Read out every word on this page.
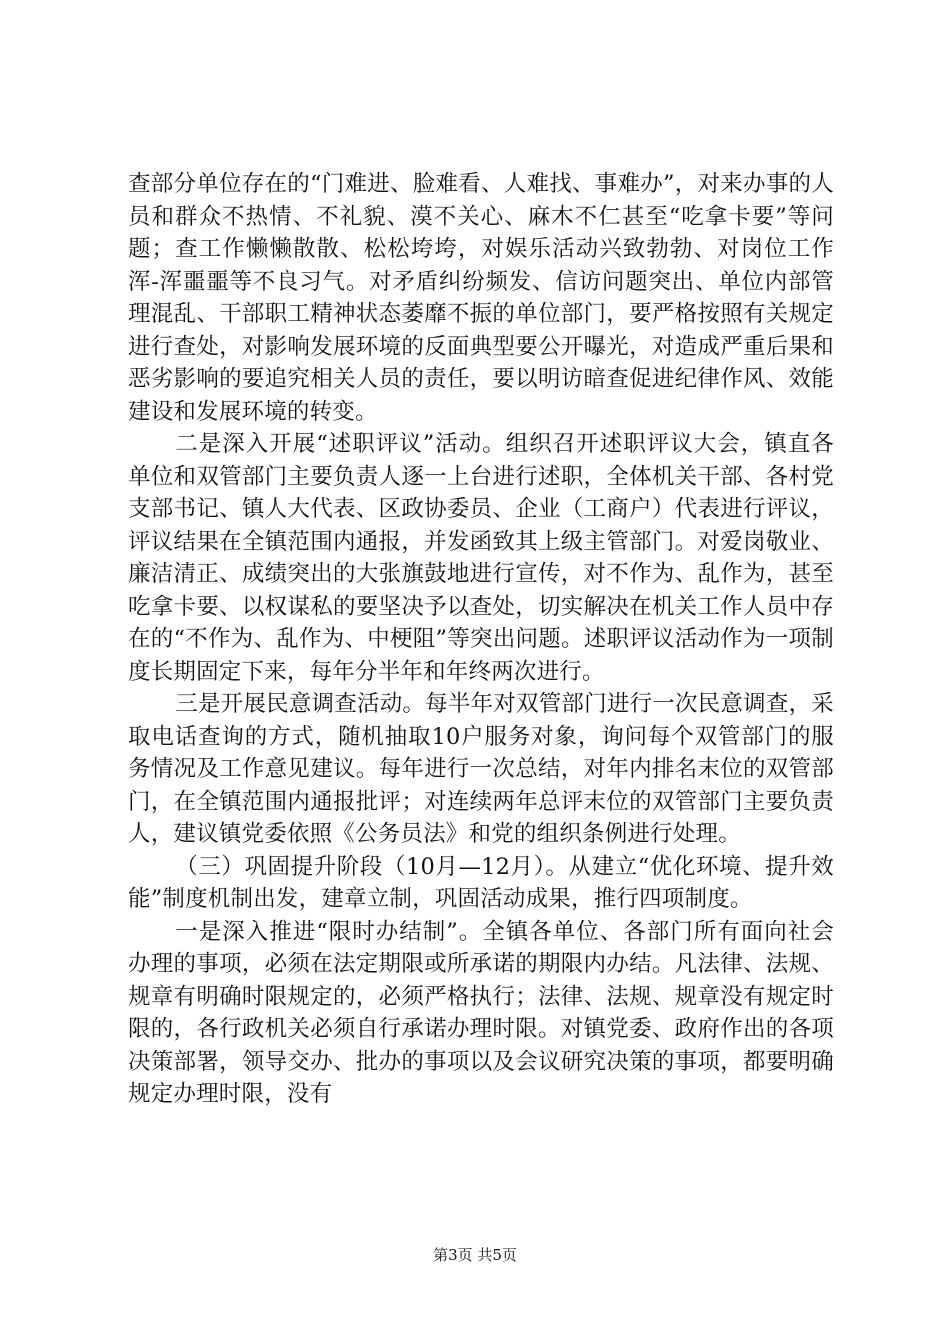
查部分单位存在的“门难进、脸难看、人难找、事难办”，对来办事的人员和群众不热情、不礼貌、漠不关心、麻木不仁甚至“吃拿卡要”等问题；查工作懒懒散散、松松垮垮，对娱乐活动兴致勃勃、对岗位工作浑-浑噩噩等不良习气。对矛盾纠纷频发、信访问题突出、单位内部管理混乱、干部职工精神状态萎靡不振的单位部门，要严格按照有关规定进行查处，对影响发展环境的反面典型要公开曝光，对造成严重后果和恶劣影响的要追究相关人员的责任，要以明访暗查促进纪律作风、效能建设和发展环境的转变。

二是深入开展“述职评议”活动。组织召开述职评议大会，镇直各单位和双管部门主要负责人逐一上台进行述职，全体机关干部、各村党支部书记、镇人大代表、区政协委员、企业（工商户）代表进行评议，评议结果在全镇范围内通报，并发函致其上级主管部门。对爱岗敬业、廉洁清正、成绩突出的大张旗鼓地进行宣传，对不作为、乱作为，甚至吃拿卡要、以权谋私的要坚决予以查处，切实解决在机关工作人员中存在的“不作为、乱作为、中梗阻”等突出问题。述职评议活动作为一项制度长期固定下来，每年分半年和年终两次进行。

三是开展民意调查活动。每半年对双管部门进行一次民意调查，采取电话查询的方式，随机抽取10户服务对象，询问每个双管部门的服务情况及工作意见建议。每年进行一次总结，对年内排名末位的双管部门，在全镇范围内通报批评；对连续两年总评末位的双管部门主要负责人，建议镇党委依照《公务员法》和党的组织条例进行处理。

（三）巩固提升阶段（10月—12月）。从建立“优化环境、提升效能”制度机制出发，建章立制，巩固活动成果，推行四项制度。

一是深入推进“限时办结制”。全镇各单位、各部门所有面向社会办理的事项，必须在法定期限或所承诺的期限内办结。凡法律、法规、规章有明确时限规定的，必须严格执行；法律、法规、规章没有规定时限的，各行政机关必须自行承诺办理时限。对镇党委、政府作出的各项决策部署，领导交办、批办的事项以及会议研究决策的事项，都要明确规定办理时限，没有

第3页 共5页
